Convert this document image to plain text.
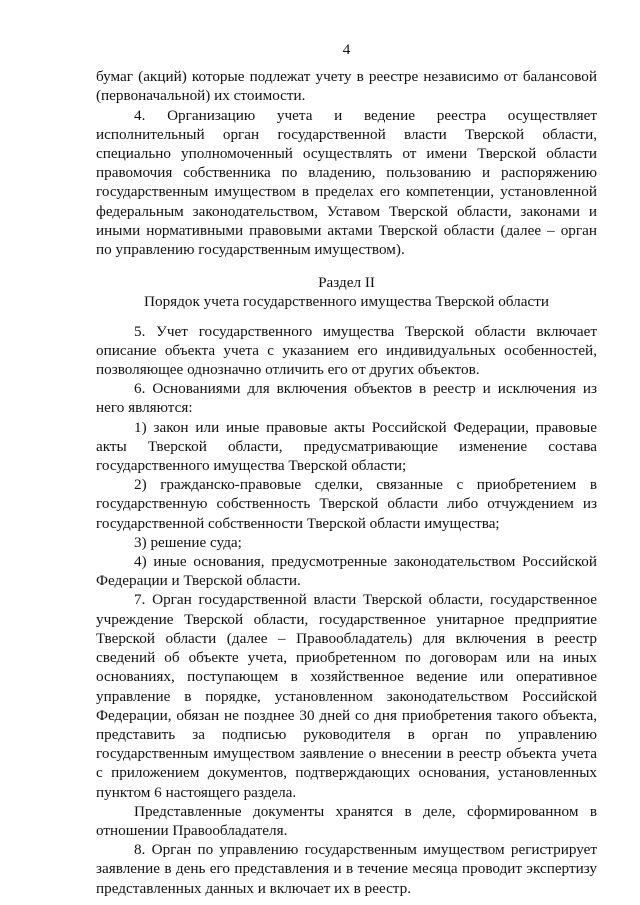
4

бумаг (акций) которые подлежат учету в реестре независимо от балансовой (первоначальной) их стоимости.

4. Организацию учета и ведение реестра осуществляет исполнительный орган государственной власти Тверской области, специально уполномоченный осуществлять от имени Тверской области правомочия собственника по владению, пользованию и распоряжению государственным имуществом в пределах его компетенции, установленной федеральным законодательством, Уставом Тверской области, законами и иными нормативными правовыми актами Тверской области (далее – орган по управлению государственным имуществом).

Раздел II
Порядок учета государственного имущества Тверской области

5. Учет государственного имущества Тверской области включает описание объекта учета с указанием его индивидуальных особенностей, позволяющее однозначно отличить его от других объектов.

6. Основаниями для включения объектов в реестр и исключения из него являются:

1) закон или иные правовые акты Российской Федерации, правовые акты Тверской области, предусматривающие изменение состава государственного имущества Тверской области;

2) гражданско-правовые сделки, связанные с приобретением в государственную собственность Тверской области либо отчуждением из государственной собственности Тверской области имущества;

3) решение суда;

4) иные основания, предусмотренные законодательством Российской Федерации и Тверской области.

7. Орган государственной власти Тверской области, государственное учреждение Тверской области, государственное унитарное предприятие Тверской области (далее – Правообладатель) для включения в реестр сведений об объекте учета, приобретенном по договорам или на иных основаниях, поступающем в хозяйственное ведение или оперативное управление в порядке, установленном законодательством Российской Федерации, обязан не позднее 30 дней со дня приобретения такого объекта, представить за подписью руководителя в орган по управлению государственным имуществом заявление о внесении в реестр объекта учета с приложением документов, подтверждающих основания, установленных пунктом 6 настоящего раздела.

Представленные документы хранятся в деле, сформированном в отношении Правообладателя.

8. Орган по управлению государственным имуществом регистрирует заявление в день его представления и в течение месяца проводит экспертизу представленных данных и включает их в реестр.
